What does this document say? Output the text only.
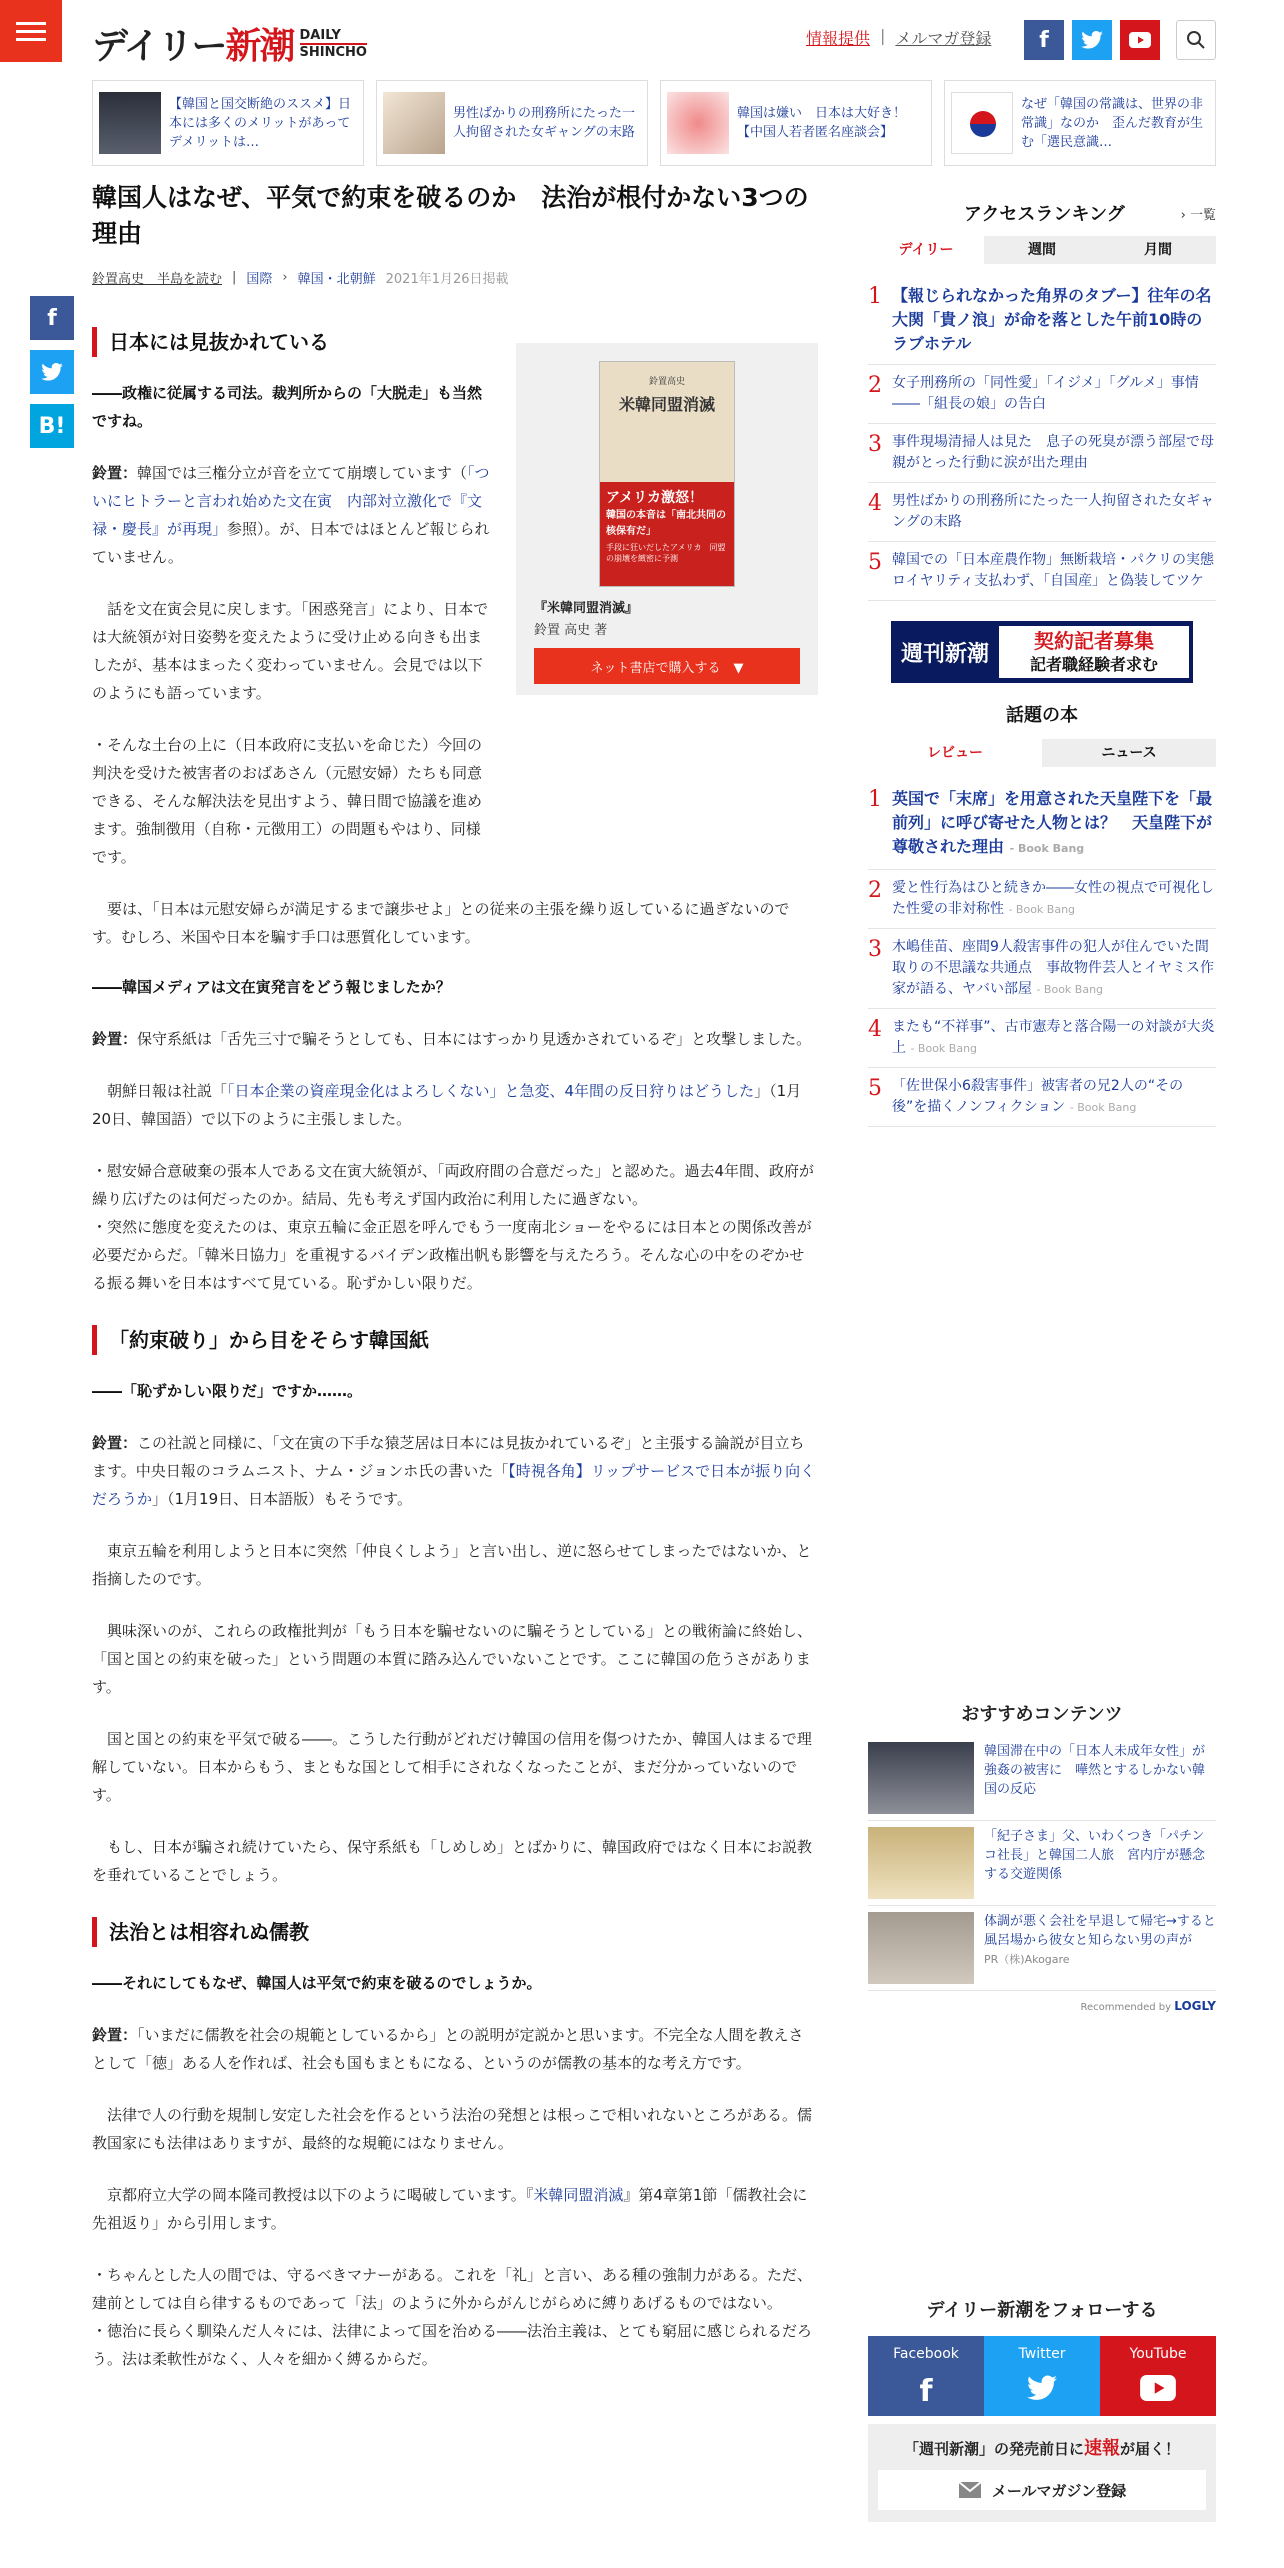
デイリー新潮 DAILY
SHINCHO
情報提供 | メルマガ登録	f

【韓国と国交断絶のススメ】日本には多くのメリットがあってデメリットは…

男性ばかりの刑務所にたった一人拘留された女ギャングの末路

韓国は嫌い　日本は大好き！【中国人若者匿名座談会】

なぜ「韓国の常識は、世界の非常識」なのか　歪んだ教育が生む「選民意識…

f
B!
韓国人はなぜ、平気で約束を破るのか　法治が根付かない3つの理由
鈴置高史　半島を読む | 国際 › 韓国・北朝鮮 2021年1月26日掲載
鈴置高史
米韓同盟消滅
アメリカ激怒！
韓国の本音は「南北共同の核保有だ」
手段に狂いだしたアメリカ　同盟の崩壊を緻密に予測
『米韓同盟消滅』
鈴置 高史 著
ネット書店で購入する　▼
日本には見抜かれている

――政権に従属する司法。裁判所からの「大脱走」も当然ですね。

鈴置：韓国では三権分立が音を立てて崩壊しています（「ついにヒトラーと言われ始めた文在寅　内部対立激化で『文禄・慶長』が再現」参照）。が、日本ではほとんど報じられていません。

　話を文在寅会見に戻します。「困惑発言」により、日本では大統領が対日姿勢を変えたように受け止める向きも出ましたが、基本はまったく変わっていません。会見では以下のようにも語っています。

・そんな土台の上に（日本政府に支払いを命じた）今回の判決を受けた被害者のおばあさん（元慰安婦）たちも同意できる、そんな解決法を見出すよう、韓日間で協議を進めます。強制徴用（自称・元徴用工）の問題もやはり、同様です。

　要は、「日本は元慰安婦らが満足するまで譲歩せよ」との従来の主張を繰り返しているに過ぎないのです。むしろ、米国や日本を騙す手口は悪質化しています。

――韓国メディアは文在寅発言をどう報じましたか？

鈴置：保守系紙は「舌先三寸で騙そうとしても、日本にはすっかり見透かされているぞ」と攻撃しました。

　朝鮮日報は社説「「日本企業の資産現金化はよろしくない」と急変、4年間の反日狩りはどうした」（1月20日、韓国語）で以下のように主張しました。

・慰安婦合意破棄の張本人である文在寅大統領が、「両政府間の合意だった」と認めた。過去4年間、政府が繰り広げたのは何だったのか。結局、先も考えず国内政治に利用したに過ぎない。

・突然に態度を変えたのは、東京五輪に金正恩を呼んでもう一度南北ショーをやるには日本との関係改善が必要だからだ。「韓米日協力」を重視するバイデン政権出帆も影響を与えたろう。そんな心の中をのぞかせる振る舞いを日本はすべて見ている。恥ずかしい限りだ。

「約束破り」から目をそらす韓国紙

――「恥ずかしい限りだ」ですか……。

鈴置：この社説と同様に、「文在寅の下手な猿芝居は日本には見抜かれているぞ」と主張する論説が目立ちます。中央日報のコラムニスト、ナム・ジョンホ氏の書いた「【時視各角】リップサービスで日本が振り向くだろうか」（1月19日、日本語版）もそうです。

　東京五輪を利用しようと日本に突然「仲良くしよう」と言い出し、逆に怒らせてしまったではないか、と指摘したのです。

　興味深いのが、これらの政権批判が「もう日本を騙せないのに騙そうとしている」との戦術論に終始し、「国と国との約束を破った」という問題の本質に踏み込んでいないことです。ここに韓国の危うさがあります。

　国と国との約束を平気で破る――。こうした行動がどれだけ韓国の信用を傷つけたか、韓国人はまるで理解していない。日本からもう、まともな国として相手にされなくなったことが、まだ分かっていないのです。

　もし、日本が騙され続けていたら、保守系紙も「しめしめ」とばかりに、韓国政府ではなく日本にお説教を垂れていることでしょう。

法治とは相容れぬ儒教

――それにしてもなぜ、韓国人は平気で約束を破るのでしょうか。

鈴置：「いまだに儒教を社会の規範としているから」との説明が定説かと思います。不完全な人間を教えさとして「徳」ある人を作れば、社会も国もまともになる、というのが儒教の基本的な考え方です。

　法律で人の行動を規制し安定した社会を作るという法治の発想とは根っこで相いれないところがある。儒教国家にも法律はありますが、最終的な規範にはなりません。

　京都府立大学の岡本隆司教授は以下のように喝破しています。『米韓同盟消滅』第4章第1節「儒教社会に先祖返り」から引用します。

・ちゃんとした人の間では、守るべきマナーがある。これを「礼」と言い、ある種の強制力がある。ただ、建前としては自ら律するものであって「法」のように外からがんじがらめに縛りあげるものではない。

・徳治に長らく馴染んだ人々には、法律によって国を治める――法治主義は、とても窮屈に感じられるだろう。法は柔軟性がなく、人々を細かく縛るからだ。

アクセスランキング	› 一覧
デイリー	週間	月間
1 【報じられなかった角界のタブー】往年の名大関「貴ノ浪」が命を落とした午前10時のラブホテル
2 女子刑務所の「同性愛」「イジメ」「グルメ」事情　――「組長の娘」の告白
3 事件現場清掃人は見た　息子の死臭が漂う部屋で母親がとった行動に涙が出た理由
4 男性ばかりの刑務所にたった一人拘留された女ギャングの末路
5 韓国での「日本産農作物」無断栽培・パクリの実態　ロイヤリティ支払わず、「自国産」と偽装してツケ
週刊新潮	契約記者募集
記者職経験者求む
話題の本
レビュー	ニュース
1 英国で「末席」を用意された天皇陛下を「最前列」に呼び寄せた人物とは？　天皇陛下が尊敬された理由 - Book Bang
2 愛と性行為はひと続きか――女性の視点で可視化した性愛の非対称性 - Book Bang
3 木嶋佳苗、座間9人殺害事件の犯人が住んでいた間取りの不思議な共通点　事故物件芸人とイヤミス作家が語る、ヤバい部屋 - Book Bang
4 またも“不祥事”、古市憲寿と落合陽一の対談が大炎上 - Book Bang
5 「佐世保小6殺害事件」被害者の兄2人の“その後”を描くノンフィクション - Book Bang
おすすめコンテンツ
韓国滞在中の「日本人未成年女性」が強姦の被害に　嘩然とするしかない韓国の反応
「紀子さま」父、いわくつき「パチンコ社長」と韓国二人旅　宮内庁が懸念する交遊関係
体調が悪く会社を早退して帰宅→すると風呂場から彼女と知らない男の声が
PR（株)Akogare
Recommended by LOGLY
デイリー新潮をフォローする
Facebook
f
Twitter	YouTube
「週刊新潮」の発売前日に速報が届く！
メールマガジン登録
